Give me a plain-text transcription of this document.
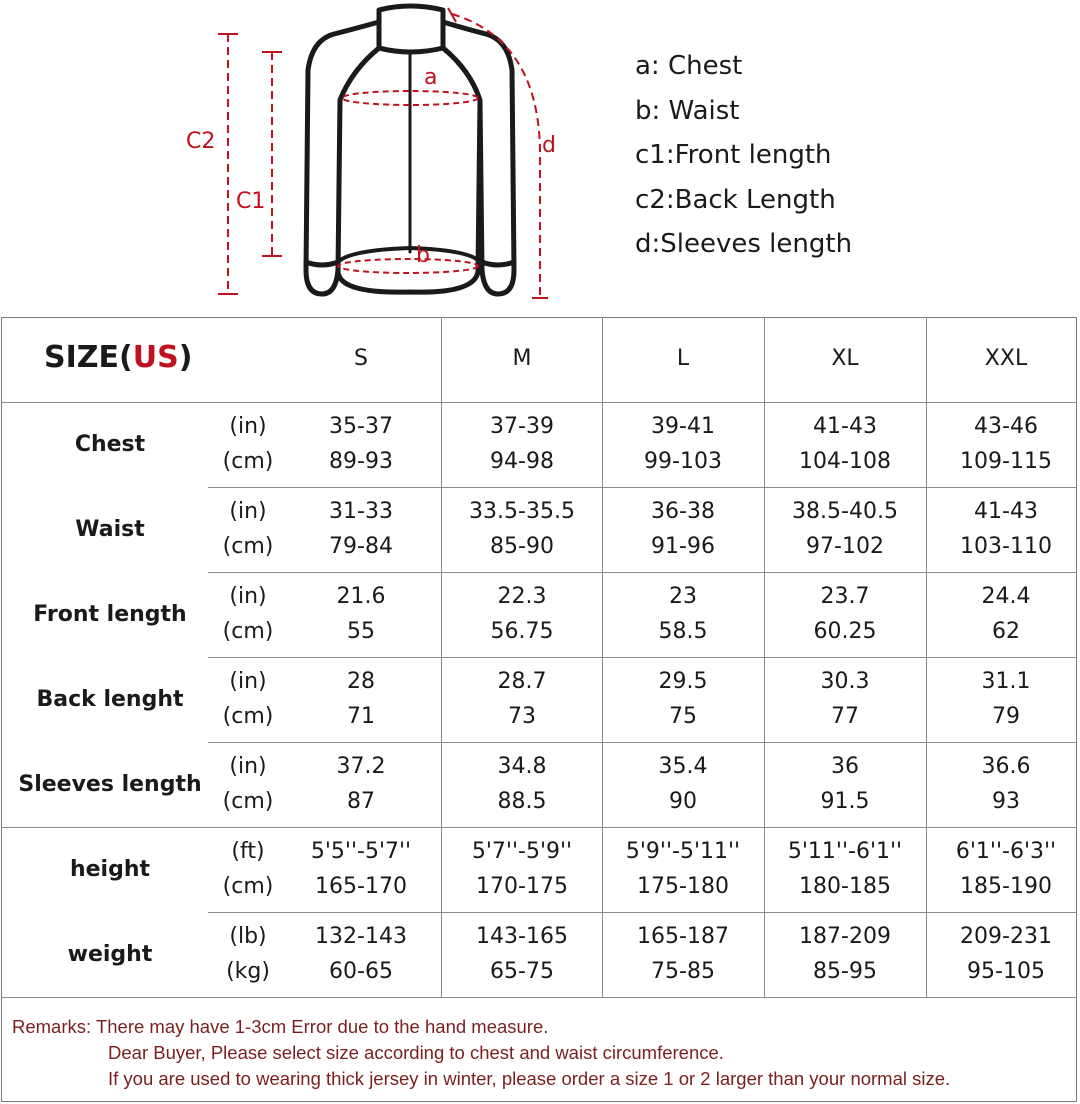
a
b
C2
C1
d
a: Chest
b: Waist
c1:Front length
c2:Back Length
d:Sleeves length
SIZE(US)	S	M	L	XL	XXL
Chest
(in)	35-37	37-39	39-41	41-43	43-46
(cm)	89-93	94-98	99-103	104-108	109-115
Waist
(in)	31-33	33.5-35.5	36-38	38.5-40.5	41-43
(cm)	79-84	85-90	91-96	97-102	103-110
Front length
(in)	21.6	22.3	23	23.7	24.4
(cm)	55	56.75	58.5	60.25	62
Back lenght
(in)	28	28.7	29.5	30.3	31.1
(cm)	71	73	75	77	79
Sleeves length
(in)	37.2	34.8	35.4	36	36.6
(cm)	87	88.5	90	91.5	93
height
(ft)	5'5''-5'7''	5'7''-5'9''	5'9''-5'11''	5'11''-6'1''	6'1''-6'3''
(cm)	165-170	170-175	175-180	180-185	185-190
weight
(lb)	132-143	143-165	165-187	187-209	209-231
(kg)	60-65	65-75	75-85	85-95	95-105
Remarks: There may have 1-3cm Error due to the hand measure.
Dear Buyer, Please select size according to chest and waist circumference.
If you are used to wearing thick jersey in winter, please order a size 1 or 2 larger than your normal size.
